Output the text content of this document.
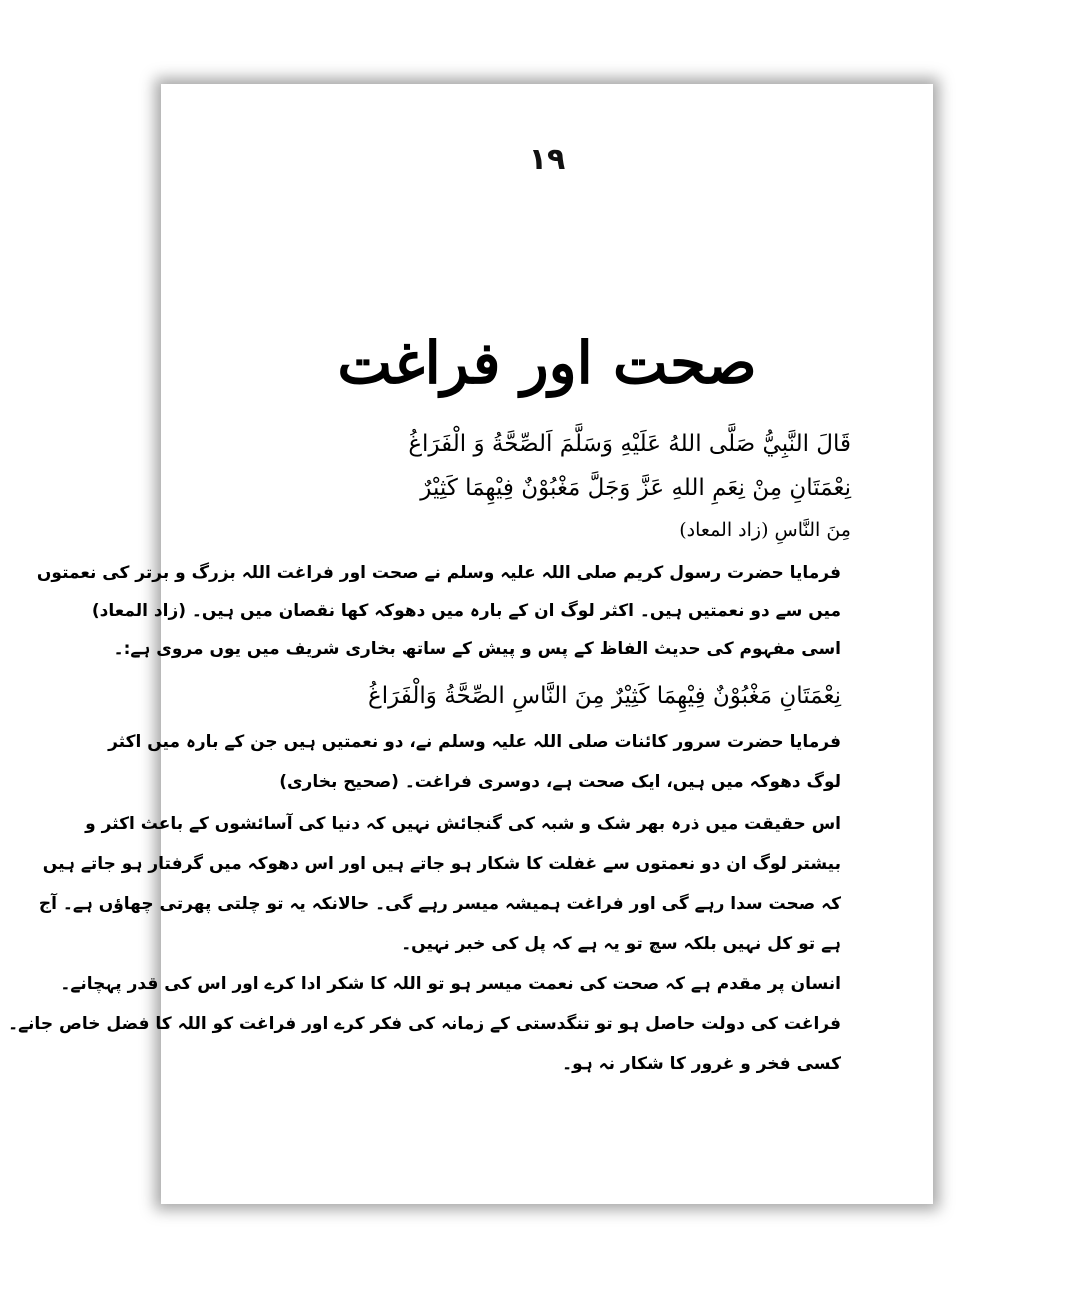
١٩
صحت اور فراغت
قَالَ النَّبِيُّ صَلَّى اللهُ عَلَيْهِ وَسَلَّمَ اَلصِّحَّةُ وَ الْفَرَاغُ
نِعْمَتَانِ مِنْ نِعَمِ اللهِ عَزَّ وَجَلَّ مَغْبُوْنٌ فِيْهِمَا كَثِيْرٌ
مِنَ النَّاسِ (زاد المعاد)
فرمایا حضرت رسول کریم صلی اللہ علیہ وسلم نے صحت اور فراغت اللہ بزرگ و برتر کی نعمتوں
میں سے دو نعمتیں ہیں۔ اکثر لوگ ان کے بارہ میں دھوکہ کھا نقصان میں ہیں۔ (زاد المعاد)
اسی مفہوم کی حدیث الفاظ کے پس و پیش کے ساتھ بخاری شریف میں یوں مروی ہے:۔
نِعْمَتَانِ مَغْبُوْنٌ فِيْهِمَا كَثِيْرٌ مِنَ النَّاسِ الصِّحَّةُ وَالْفَرَاغُ
فرمایا حضرت سرور کائنات صلی اللہ علیہ وسلم نے، دو نعمتیں ہیں جن کے بارہ میں اکثر
لوگ دھوکہ میں ہیں، ایک صحت ہے، دوسری فراغت۔ (صحیح بخاری)
اس حقیقت میں ذرہ بھر شک و شبہ کی گنجائش نہیں کہ دنیا کی آسائشوں کے باعث اکثر و
بیشتر لوگ ان دو نعمتوں سے غفلت کا شکار ہو جاتے ہیں اور اس دھوکہ میں گرفتار ہو جاتے ہیں
کہ صحت سدا رہے گی اور فراغت ہمیشہ میسر رہے گی۔ حالانکہ یہ تو چلتی پھرتی چھاؤں ہے۔ آج
ہے تو کل نہیں بلکہ سچ تو یہ ہے کہ پل کی خبر نہیں۔
انسان پر مقدم ہے کہ صحت کی نعمت میسر ہو تو اللہ کا شکر ادا کرے اور اس کی قدر پہچانے۔
فراغت کی دولت حاصل ہو تو تنگدستی کے زمانہ کی فکر کرے اور فراغت کو اللہ کا فضل خاص جانے۔
کسی فخر و غرور کا شکار نہ ہو۔
